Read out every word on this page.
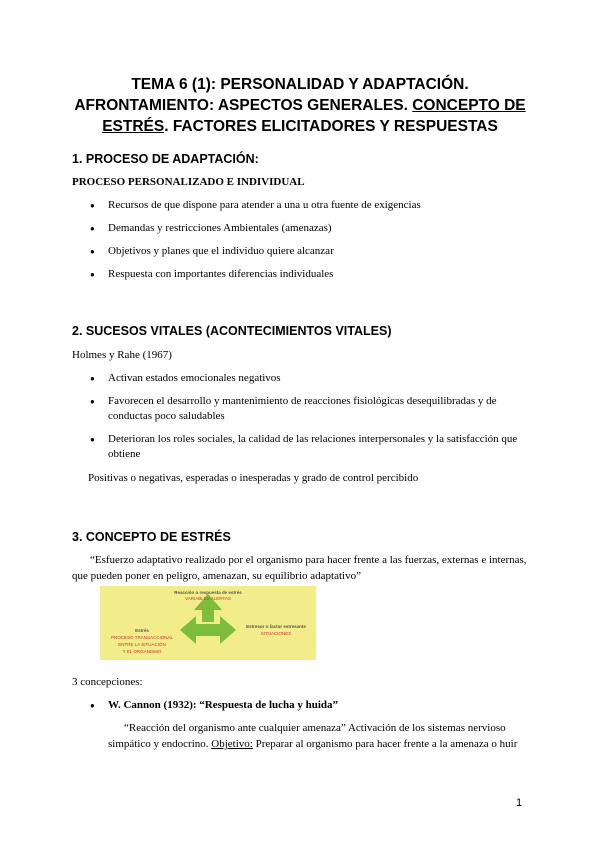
TEMA 6 (1): PERSONALIDAD Y ADAPTACIÓN.
AFRONTAMIENTO: ASPECTOS GENERALES. CONCEPTO DE
ESTRÉS. FACTORES ELICITADORES Y RESPUESTAS
1. PROCESO DE ADAPTACIÓN:

PROCESO PERSONALIZADO E INDIVIDUAL

● Recursos de que dispone para atender a una u otra fuente de exigencias
● Demandas y restricciones Ambientales (amenazas)
● Objetivos y planes que el individuo quiere alcanzar
● Respuesta con importantes diferencias individuales
2. SUCESOS VITALES (ACONTECIMIENTOS VITALES)

Holmes y Rahe (1967)

● Activan estados emocionales negativos
● Favorecen el desarrollo y mantenimiento de reacciones fisiológicas desequilibradas y de conductas poco saludables
● Deterioran los roles sociales, la calidad de las relaciones interpersonales y la satisfacción que obtiene

Positivas o negativas, esperadas o inesperadas y grado de control percibido

3. CONCEPTO DE ESTRÉS

“Esfuerzo adaptativo realizado por el organismo para hacer frente a las fuerzas, externas e internas,

que pueden poner en peligro, amenazan, su equilibrio adaptativo”

Reacción o respuesta de estrés
VARIABLES ALERTAS
Estrés
PROCESO TRANSACCIONAL
ENTRE LA SITUACIÓN
Y EL ORGANISMO
Estresor o factor estresante
SITUACIONES

3 concepciones:

● W. Cannon (1932): “Respuesta de lucha y huida”

“Reacción del organismo ante cualquier amenaza” Activación de los sistemas nervioso

simpático y endocrino. Objetivo: Preparar al organismo para hacer frente a la amenaza o huir

1
